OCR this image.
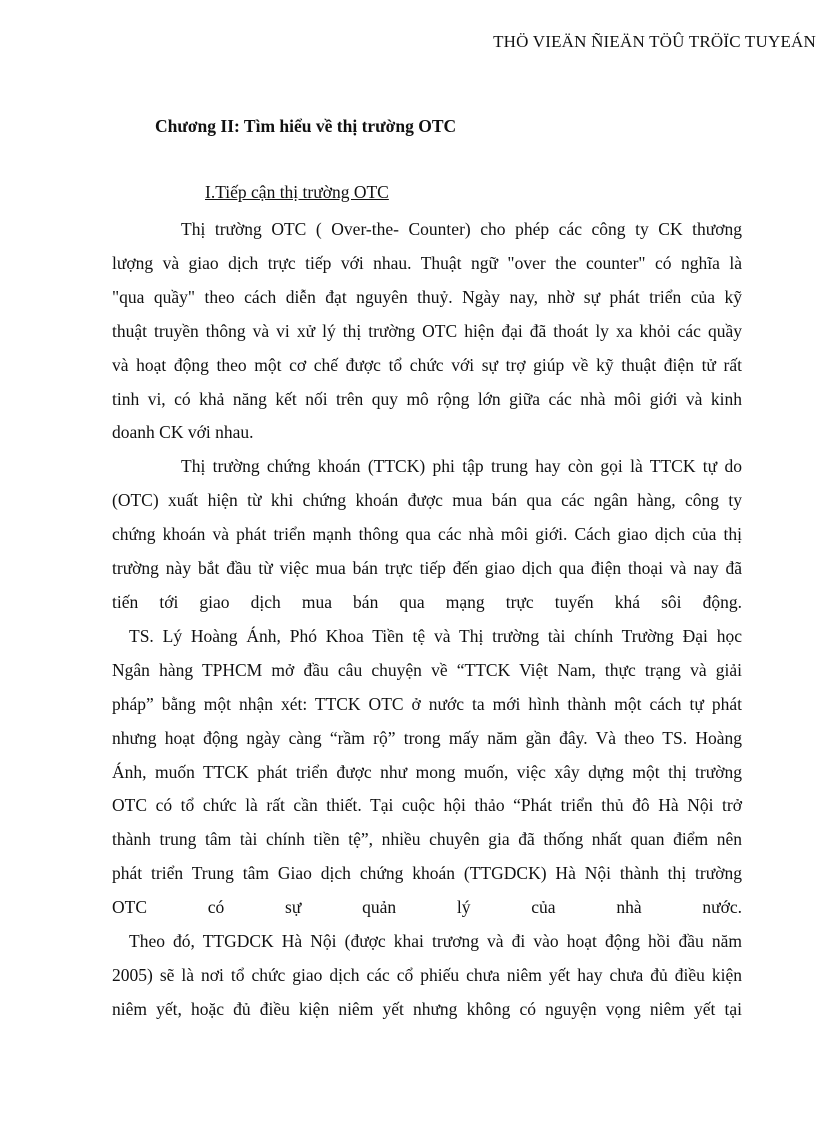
THÖ VIEÄN ÑIEÄN TÖÛ TRÖÏC TUYEÁN
Chương II: Tìm hiểu về thị trường OTC
I.Tiếp cận thị trường OTC
Thị trường OTC ( Over-the- Counter) cho phép các công ty CK thương
lượng và giao dịch trực tiếp với nhau. Thuật ngữ "over the counter" có nghĩa là
"qua quầy" theo cách diễn đạt nguyên thuỷ. Ngày nay, nhờ sự phát triển của kỹ
thuật truyền thông và vi xử lý thị trường OTC hiện đại đã thoát ly xa khỏi các quầy
và hoạt động theo một cơ chế được tổ chức với sự trợ giúp về kỹ thuật điện tử rất
tinh vi, có khả năng kết nối trên quy mô rộng lớn giữa các nhà môi giới và kinh
doanh CK với nhau.
Thị trường chứng khoán (TTCK) phi tập trung hay còn gọi là TTCK tự do
(OTC) xuất hiện từ khi chứng khoán được mua bán qua các ngân hàng, công ty
chứng khoán và phát triển mạnh thông qua các nhà môi giới. Cách giao dịch của thị
trường này bắt đầu từ việc mua bán trực tiếp đến giao dịch qua điện thoại và nay đã
tiến tới giao dịch mua bán qua mạng trực tuyến khá sôi động.
TS. Lý Hoàng Ánh, Phó Khoa Tiền tệ và Thị trường tài chính Trường Đại học
Ngân hàng TPHCM mở đầu câu chuyện về “TTCK Việt Nam, thực trạng và giải
pháp” bằng một nhận xét: TTCK OTC ở nước ta mới hình thành một cách tự phát
nhưng hoạt động ngày càng “rầm rộ” trong mấy năm gần đây. Và theo TS. Hoàng
Ánh, muốn TTCK phát triển được như mong muốn, việc xây dựng một thị trường
OTC có tổ chức là rất cần thiết. Tại cuộc hội thảo “Phát triển thủ đô Hà Nội trở
thành trung tâm tài chính tiền tệ”, nhiều chuyên gia đã thống nhất quan điểm nên
phát triển Trung tâm Giao dịch chứng khoán (TTGDCK) Hà Nội thành thị trường
OTC có sự quản lý của nhà nước.
Theo đó, TTGDCK Hà Nội (được khai trương và đi vào hoạt động hồi đầu năm
2005) sẽ là nơi tổ chức giao dịch các cổ phiếu chưa niêm yết hay chưa đủ điều kiện
niêm yết, hoặc đủ điều kiện niêm yết nhưng không có nguyện vọng niêm yết tại
